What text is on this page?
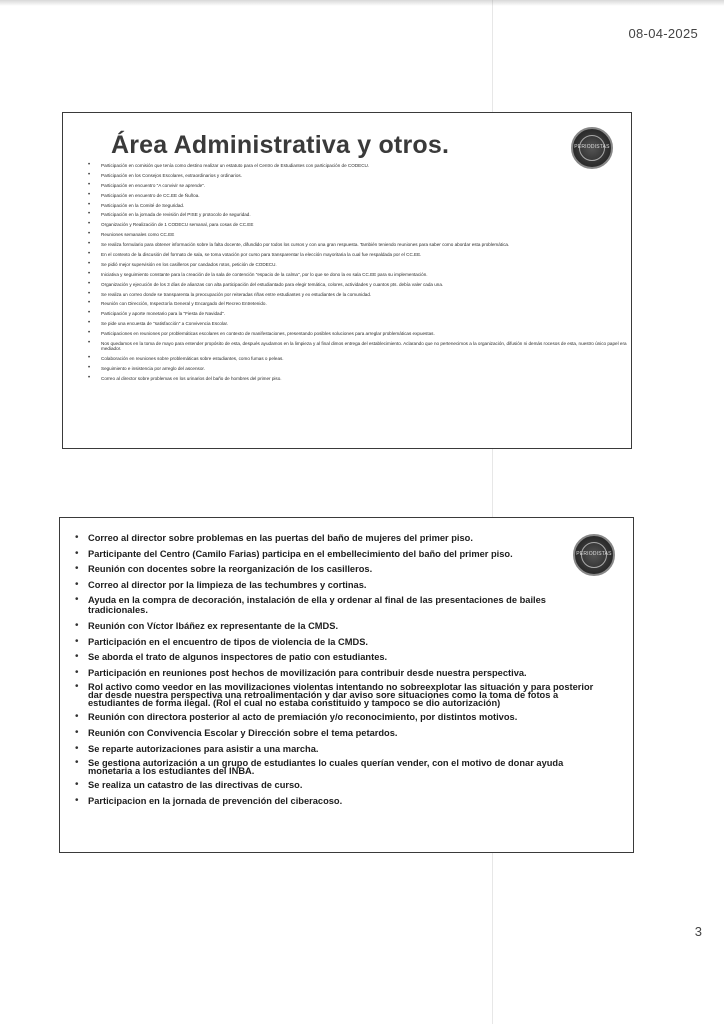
08-04-2025
Área Administrativa y otros.	PERIODISTAS
• Participación en comisión que tenía como destino realizar un estatuto para el Centro de Estudiantes con participación de CODECU.
• Participación en los Consejos Escolares, extraordinarios y ordinarios.
• Participación en encuentro "A convivir se aprende".
• Participación en encuentro de CC.EE de Ñuñoa.
• Participación en la Comité de Seguridad.
• Participación en la jornada de revisión del PISE y protocolo de seguridad.
• Organización y Realización de 1 CODECU semanal, para cosas de CC.EE
• Reuniones semanales como CC.EE
• Se realiza formulario para obtener información sobre la falta docente, difundido por todos los cursos y con una gran respuesta. También teniendo reuniones para saber como abordar esta problemática.
• En el contexto de la discusión del formato de sala, se toma votación por curso para transparentar la elección mayoritaria la cual fue respaldada por el CC.EE.
• Se pidió mejor supervisión en los casilleros por candados rotos, petición de CODECU.
• Iniciativa y seguimiento constante para la creación de la sala de contención "espacio de la calma", por lo que se dono la ex sala CC.EE para su implementación.
• Organización y ejecución de los 3 días de alianzas con alta participación del estudiantado para elegir temática, colores, actividades y cuantos pts. debía valer cada una.
• Se realiza un correo donde se transparenta la preocupación por reiteradas riñas entre estudiantes y ex estudiantes de la comunidad.
• Reunión con Dirección, Inspectoría General y Encargado del Recreo Entretenido.
• Participación y aporte monetario para la "Fiesta de Navidad".
• Se pide una encuesta de "satisfacción" a Convivencia Escolar.
• Participaciones en reuniones por problemáticas escolares en contexto de manifestaciones, presentando posibles soluciones para arreglar problemáticas expuestas.
• Nos quedamos en la toma de mayo para entender propósito de esta, después ayudamos en la limpieza y al final dimos entrega del establecimiento. Aclarando que no pertenecimos a la organización, difusión ni demás rocesos de esta, nuestro único papel era mediador.
• Colaboración en reuniones sobre problemáticas sobre estudiantes, como fumas o peleas.
• Seguimiento e insistencia por arreglo del ascensor.
• Correo al director sobre problemas en los urinarios del baño de hombres del primer piso.
PERIODISTAS
• Correo al director sobre problemas en las puertas del baño de mujeres del primer piso.
• Participante del Centro (Camilo Farias) participa en el embellecimiento del baño del primer piso.
• Reunión con docentes sobre la reorganización de los casilleros.
• Correo al director por la limpieza de las techumbres y cortinas.
• Ayuda en la compra de decoración, instalación de ella y ordenar al final de las presentaciones de bailes tradicionales.
• Reunión con Víctor Ibáñez ex representante de la CMDS.
• Participación en el encuentro de tipos de violencia de la CMDS.
• Se aborda el trato de algunos inspectores de patio con estudiantes.
• Participación en reuniones post hechos de movilización para contribuir desde nuestra perspectiva.
• Rol activo como veedor en las movilizaciones violentas intentando no sobreexplotar las situación y para posterior dar desde nuestra perspectiva una retroalimentación y dar aviso sore situaciones como la toma de fotos a estudiantes de forma ilegal. (Rol el cual no estaba constituido y tampoco se dio autorización)
• Reunión con directora posterior al acto de premiación y/o reconocimiento, por distintos motivos.
• Reunión con Convivencia Escolar y Dirección sobre el tema petardos.
• Se reparte autorizaciones para asistir a una marcha.
• Se gestiona autorización a un grupo de estudiantes lo cuales querían vender, con el motivo de donar ayuda monetaria a los estudiantes del INBA.
• Se realiza un catastro de las directivas de curso.
• Participacion en la jornada de prevención del ciberacoso.
3
